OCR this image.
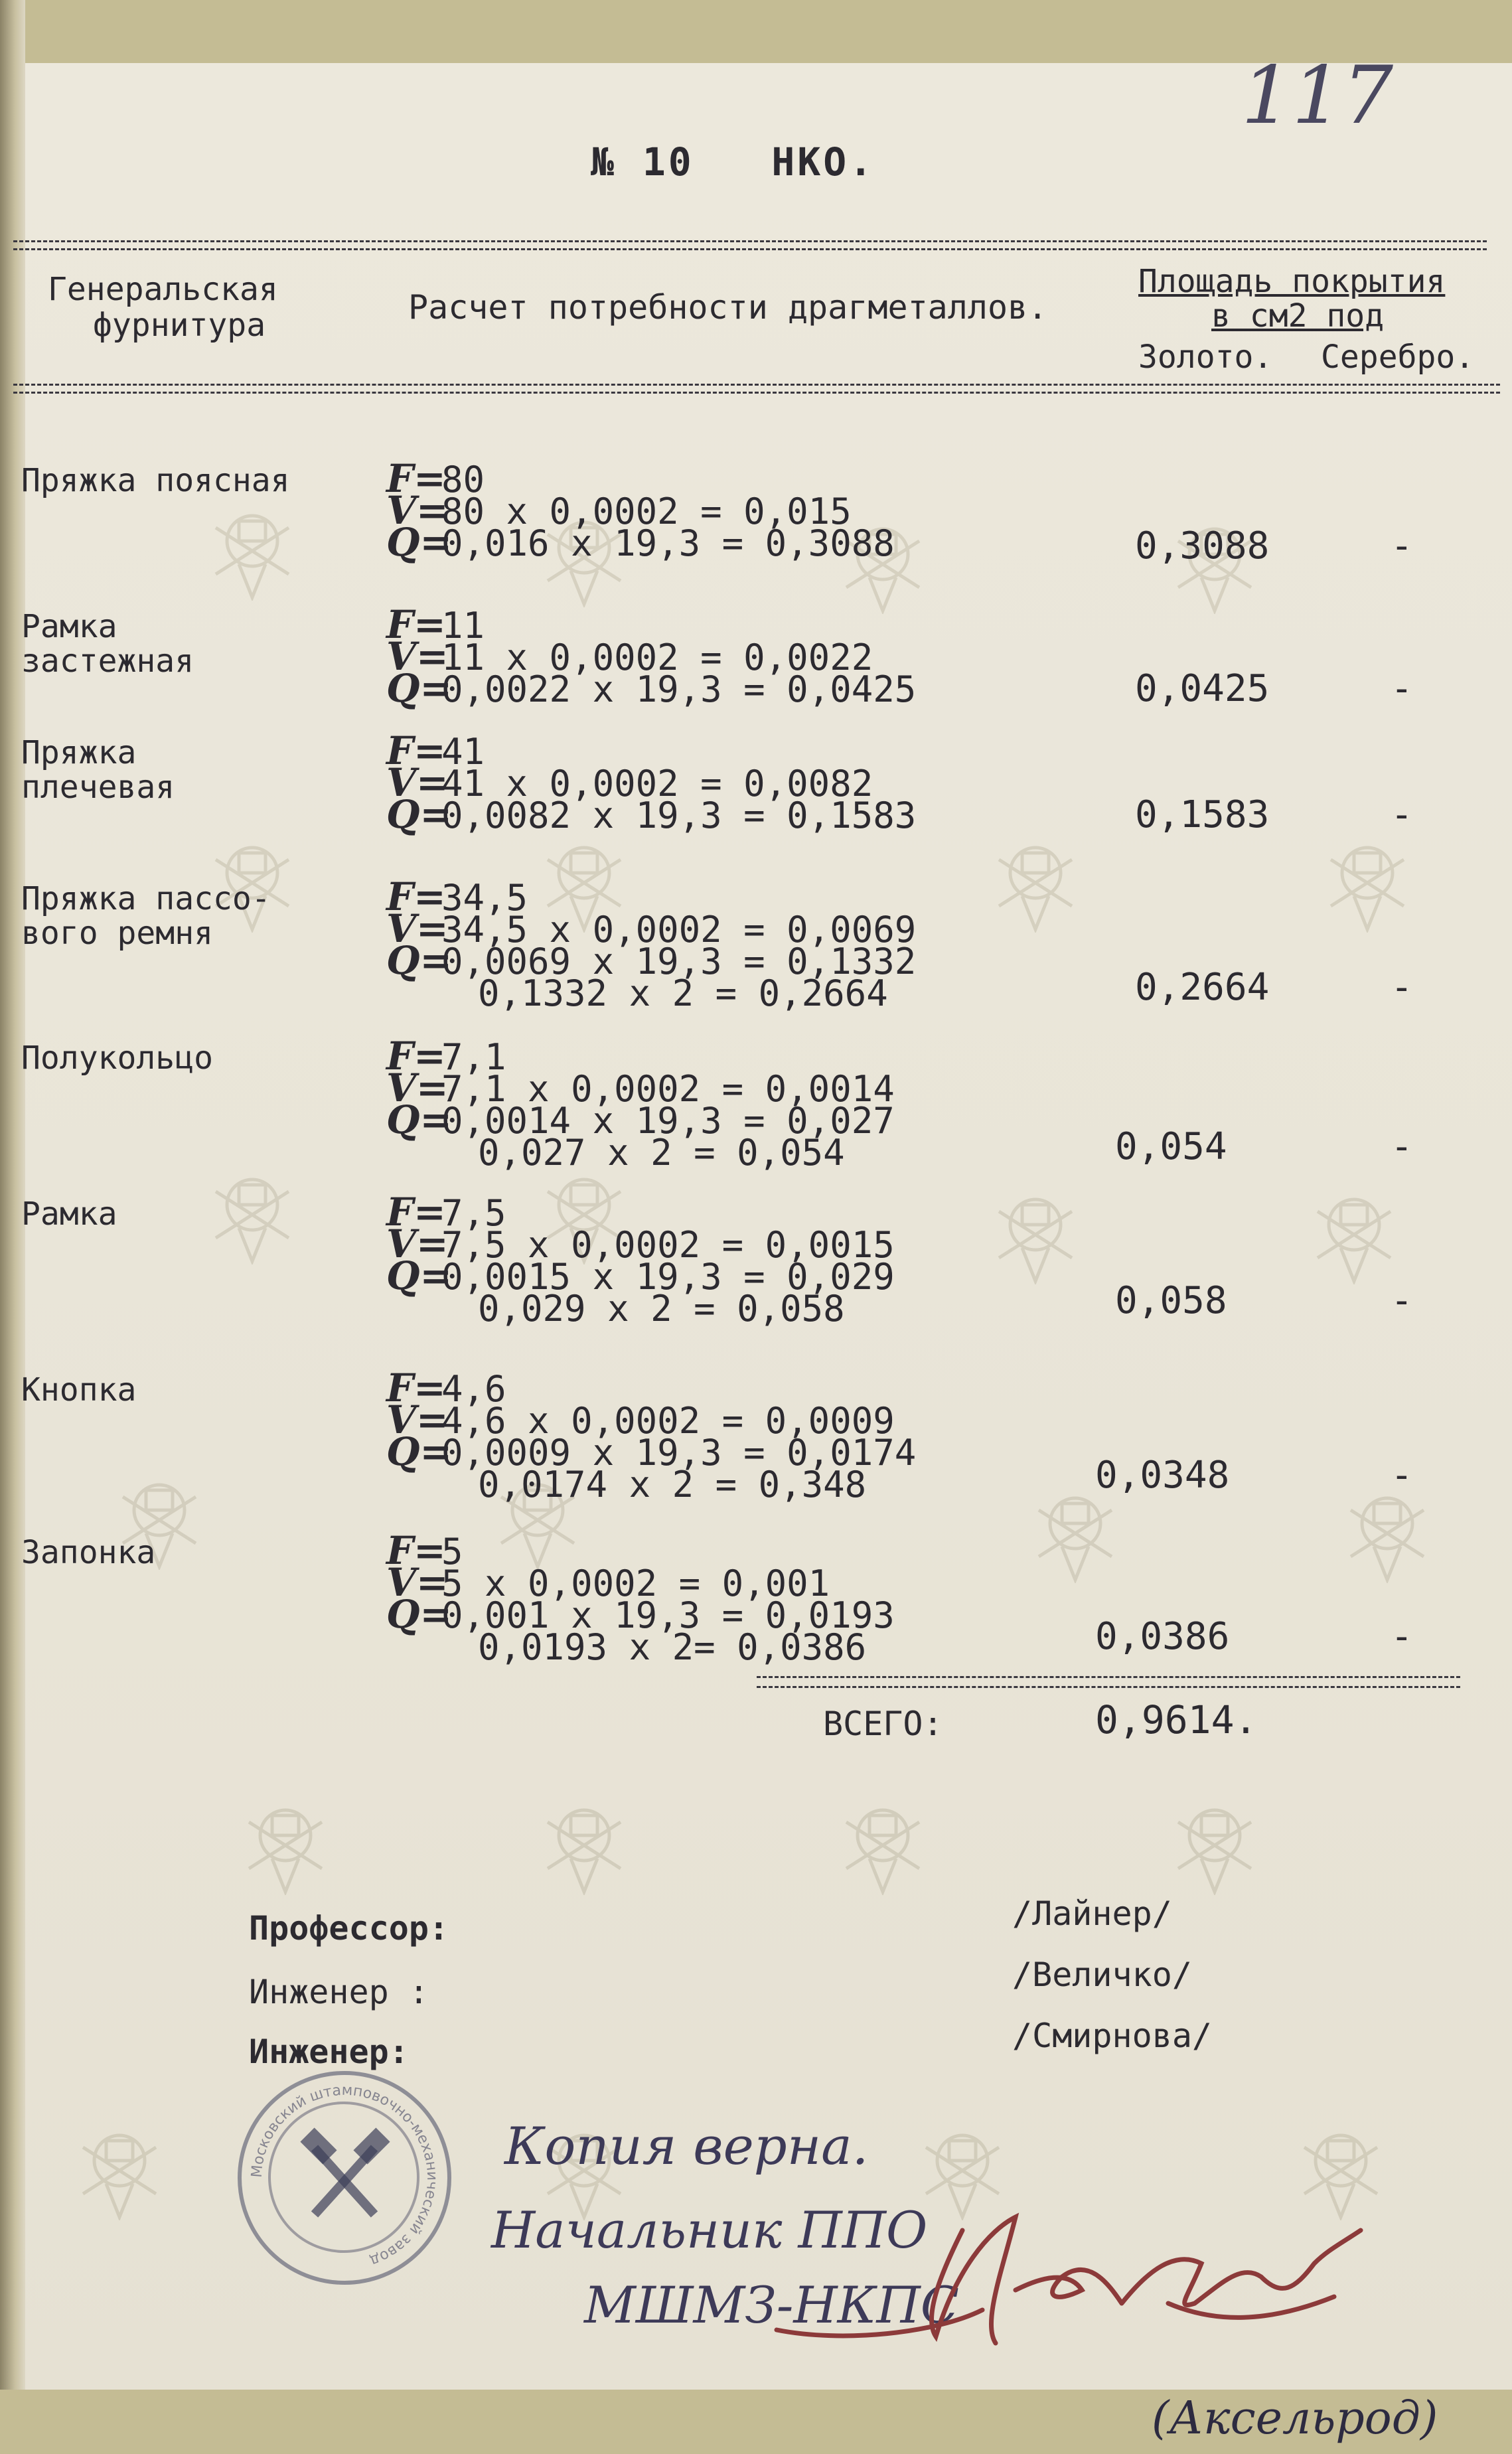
117
№ 10   НКО.
Генеральская
фурнитура	Расчет потребности драгметаллов.
Площадь покрытия
в см2 под
Золото. Серебро.
Пряжка поясная	F=
80
V=
80 x 0,0002 = 0,015
Q=
0,016 x 19,3 = 0,3088	0,3088	-
Рамка
застежная
F=
11
V=
11 x 0,0002 = 0,0022
Q=
0,0022 x 19,3 = 0,0425	0,0425	-
Пряжка
плечевая
F=
41
V=
41 x 0,0002 = 0,0082
Q=
0,0082 x 19,3 = 0,1583	0,1583	-
Пряжка пассо-
вого ремня
F=
34,5
V=
34,5 x 0,0002 = 0,0069
Q=
0,0069 x 19,3 = 0,1332
0,1332 x 2 = 0,2664	0,2664	-
Полукольцо	F=
7,1
V=
7,1 x 0,0002 = 0,0014
Q=
0,0014 x 19,3 = 0,027
0,027 x 2 = 0,054	0,054	-
Рамка	F=
7,5
V=
7,5 x 0,0002 = 0,0015
Q=
0,0015 x 19,3 = 0,029
0,029 x 2 = 0,058	0,058	-
Кнопка	F=
4,6
V=
4,6 x 0,0002 = 0,0009
Q=
0,0009 x 19,3 = 0,0174
0,0174 x 2 = 0,348	0,0348	-
Запонка	F=
5
V=
5 x 0,0002 = 0,001
Q=
0,001 x 19,3 = 0,0193
0,0193 x 2= 0,0386	0,0386	-
ВСЕГО:	0,9614.
Профессор:
Инженер :
Инженер:
/Лайнер/
/Величко/
/Смирнова/
Московский штамповочно-механический завод
Копия верна.
Начальник ППО
МШМЗ-НКПС
(Аксельрод)
